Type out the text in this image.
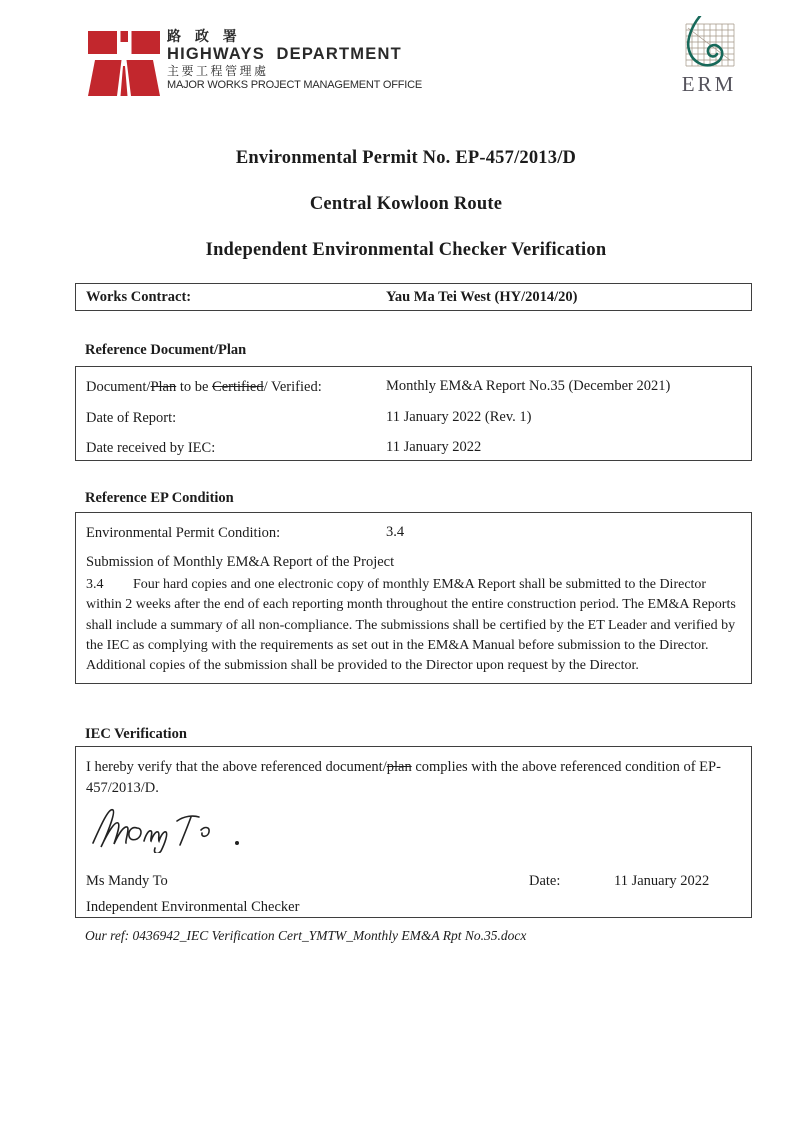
路 政 署
HIGHWAYS  DEPARTMENT
主要工程管理處
MAJOR WORKS PROJECT MANAGEMENT OFFICE	ERM
Environmental Permit No. EP-457/2013/D
Central Kowloon Route
Independent Environmental Checker Verification
Works Contract:	Yau Ma Tei West (HY/2014/20)
Reference Document/Plan
Document/Plan to be Certified/ Verified:	Monthly EM&A Report No.35 (December 2021)
Date of Report:	11 January 2022 (Rev. 1)
Date received by IEC:	11 January 2022
Reference EP Condition
Environmental Permit Condition:	3.4
Submission of Monthly EM&A Report of the Project
3.4 Four hard copies and one electronic copy of monthly EM&A Report shall be submitted to the Director within 2 weeks after the end of each reporting month throughout the entire construction period. The EM&A Reports shall include a summary of all non-compliance. The submissions shall be certified by the ET Leader and verified by the IEC as complying with the requirements as set out in the EM&A Manual before submission to the Director. Additional copies of the submission shall be provided to the Director upon request by the Director.
IEC Verification
I hereby verify that the above referenced document/plan complies with the above referenced condition of EP-457/2013/D.
Ms Mandy To	Date:	11 January 2022
Independent Environmental Checker
Our ref: 0436942_IEC Verification Cert_YMTW_Monthly EM&A Rpt No.35.docx
